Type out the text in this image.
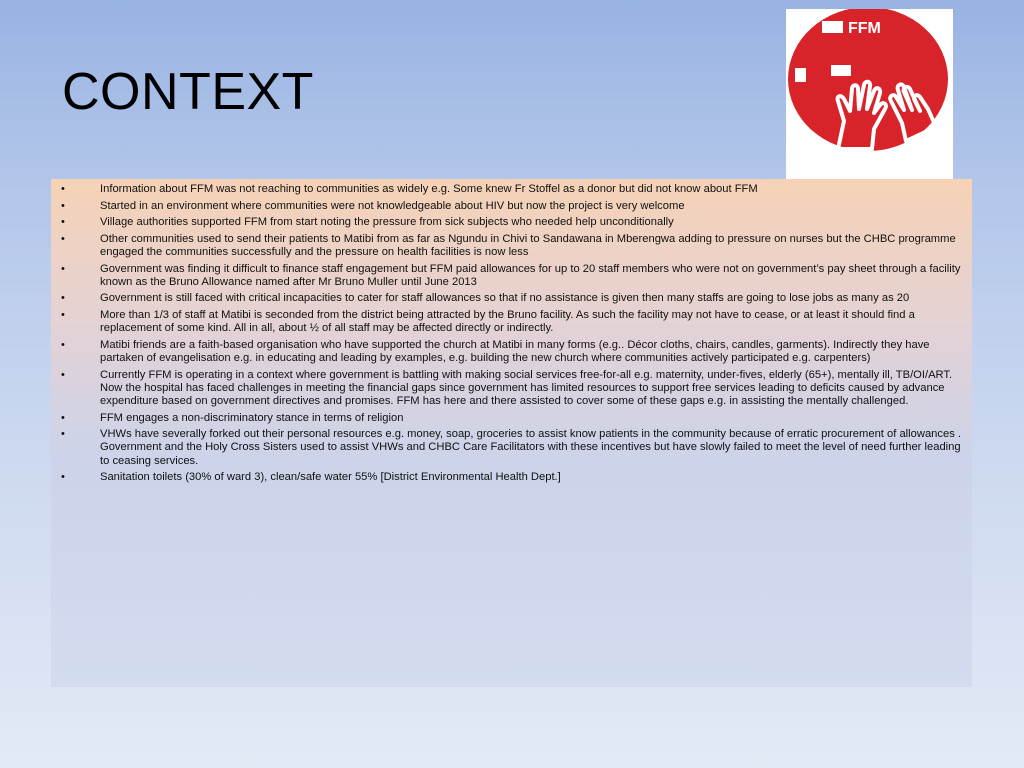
CONTEXT
FFM
•	Information about FFM was not reaching to communities as widely e.g. Some knew Fr Stoffel as a donor but did not know about FFM
•	Started in an environment where communities were not knowledgeable about HIV but now the project is very welcome
•	Village authorities supported FFM from start noting the pressure from sick subjects who needed help unconditionally
•	Other communities used to send their patients to Matibi from as far as Ngundu in Chivi to Sandawana in Mberengwa adding to pressure on nurses but the CHBC programme engaged the communities successfully and the pressure on health facilities is now less
•	Government was finding it difficult to finance staff engagement but FFM paid allowances for up to 20 staff members who were not on government’s pay sheet through a facility known as the Bruno Allowance named after Mr Bruno Muller until June 2013
•	Government is still faced with critical incapacities to cater for staff allowances so that if no assistance is given then many staffs are going to lose jobs as many as 20
•	More than 1/3 of staff at Matibi is seconded from the district being attracted by the Bruno facility. As such the facility may not have to cease, or at least it should find a replacement of some kind. All in all, about ½ of all staff may be affected directly or indirectly.
•	Matibi friends are a faith-based organisation who have supported the church at Matibi in many forms (e.g.. Décor cloths, chairs, candles, garments). Indirectly they have partaken of evangelisation e.g. in educating and leading by examples, e.g. building the new church where communities actively participated e.g. carpenters)
•	Currently FFM is operating in a context where government is battling with making social services free-for-all e.g. maternity, under-fives, elderly (65+), mentally ill, TB/OI/ART. Now the hospital has faced challenges in meeting the financial gaps since government has limited resources to support free services leading to deficits caused by advance expenditure based on government directives and promises. FFM has here and there assisted to cover some of these gaps e.g. in assisting the mentally challenged.
•	FFM engages a non-discriminatory stance in terms of religion
•	VHWs have severally forked out their personal resources e.g. money, soap, groceries to assist know patients in the community because of erratic procurement of allowances . Government and the Holy Cross Sisters used to assist VHWs and CHBC Care Facilitators with these incentives but have slowly failed to meet the level of need further leading to ceasing services.
•	Sanitation toilets (30% of ward 3), clean/safe water 55% [District Environmental Health Dept.]
